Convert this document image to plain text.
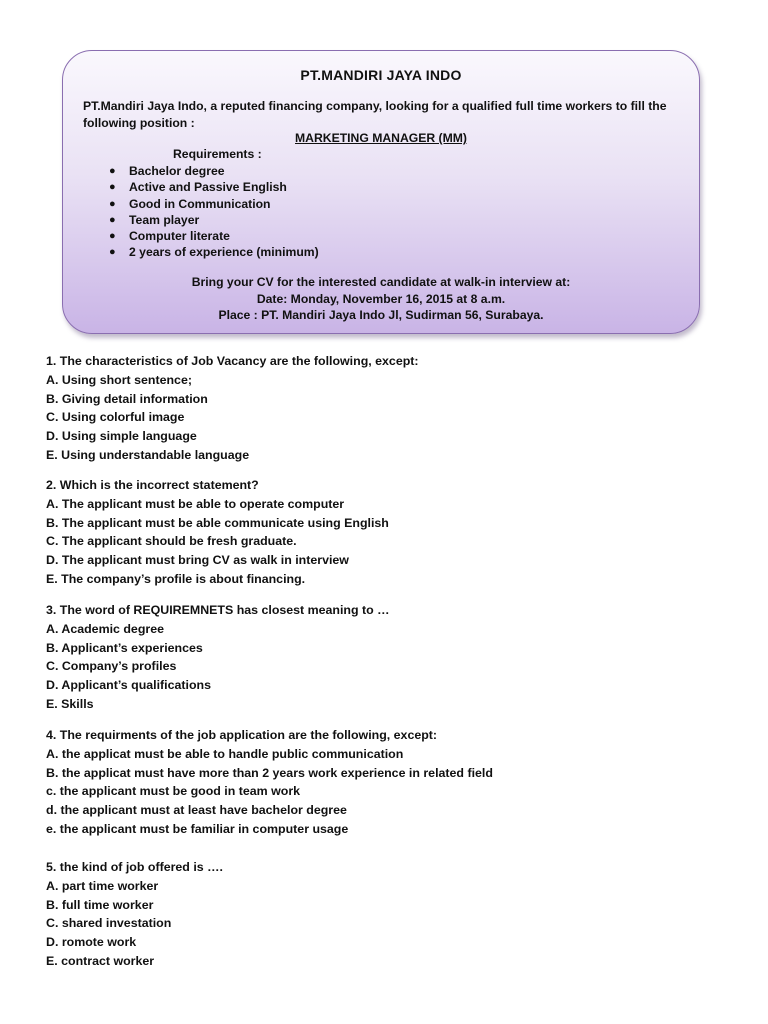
PT.MANDIRI JAYA INDO

PT.Mandiri Jaya Indo, a reputed financing company, looking for a qualified full time workers to fill the
following position :

MARKETING MANAGER (MM)

Requirements :

● Bachelor degree
● Active and Passive English
● Good in Communication
● Team player
● Computer literate
● 2 years of experience (minimum)
Bring your CV for the interested candidate at walk-in interview at:
Date: Monday, November 16, 2015 at 8 a.m.
Place : PT. Mandiri Jaya Indo Jl, Sudirman 56, Surabaya.
1. The characteristics of Job Vacancy are the following, except:
A. Using short sentence;
B. Giving detail information
C. Using colorful image
D. Using simple language
E. Using understandable language
2. Which is the incorrect statement?
A. The applicant must be able to operate computer
B. The applicant must be able communicate using English
C. The applicant should be fresh graduate.
D. The applicant must bring CV as walk in interview
E. The company’s profile is about financing.
3. The word of REQUIREMNETS has closest meaning to …
A. Academic degree
B. Applicant’s experiences
C. Company’s profiles
D. Applicant’s qualifications
E. Skills
4. The requirments of the job application are the following, except:
A. the applicat must be able to handle public communication
B. the applicat must have more than 2 years work experience in related field
c. the applicant must be good in team work
d. the applicant must at least have bachelor degree
e. the applicant must be familiar in computer usage
5. the kind of job offered is ….
A. part time worker
B. full time worker
C. shared investation
D. romote work
E. contract worker
